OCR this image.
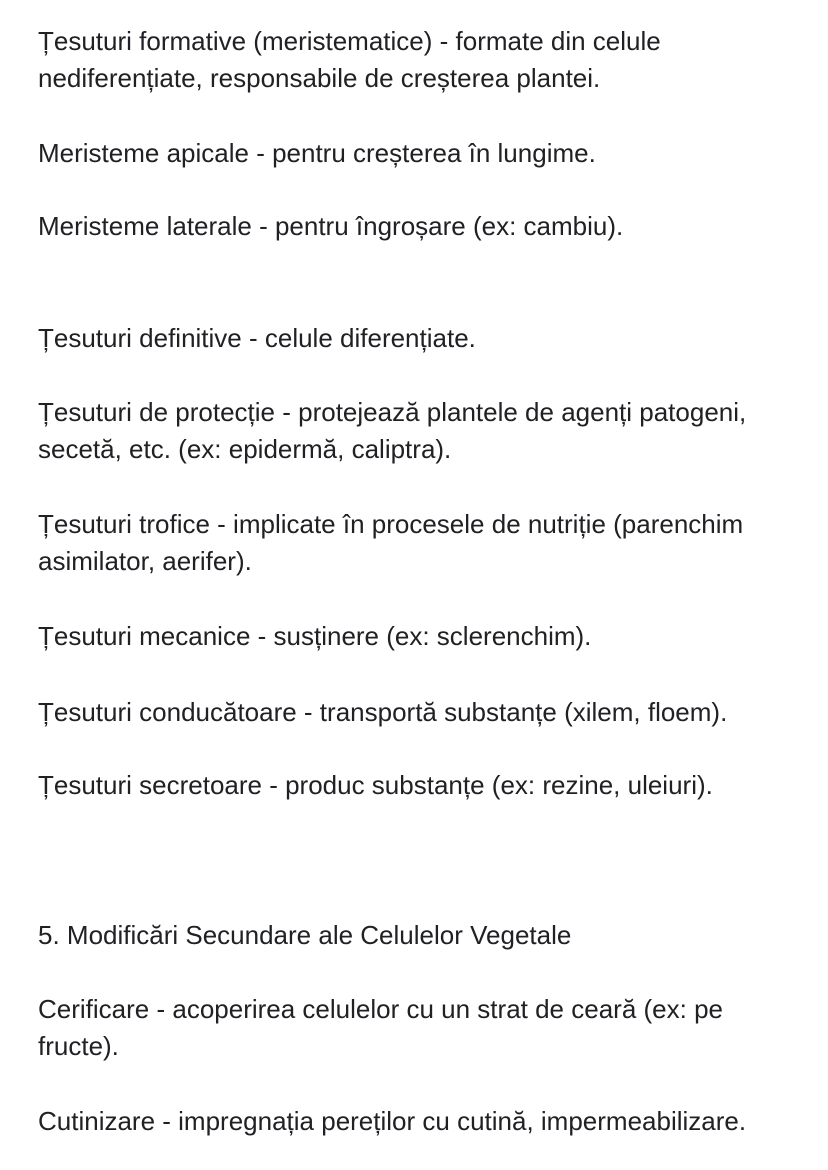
Țesuturi formative (meristematice) - formate din celule nediferențiate, responsabile de creșterea plantei.

Meristeme apicale - pentru creșterea în lungime.

Meristeme laterale - pentru îngroșare (ex: cambiu).

Țesuturi definitive - celule diferențiate.

Țesuturi de protecție - protejează plantele de agenți patogeni, secetă, etc. (ex: epidermă, caliptra).

Țesuturi trofice - implicate în procesele de nutriție (parenchim asimilator, aerifer).

Țesuturi mecanice - susținere (ex: sclerenchim).

Țesuturi conducătoare - transportă substanțe (xilem, floem).

Țesuturi secretoare - produc substanțe (ex: rezine, uleiuri).

5. Modificări Secundare ale Celulelor Vegetale

Cerificare - acoperirea celulelor cu un strat de ceară (ex: pe fructe).

Cutinizare - impregnația pereților cu cutină, impermeabilizare.
